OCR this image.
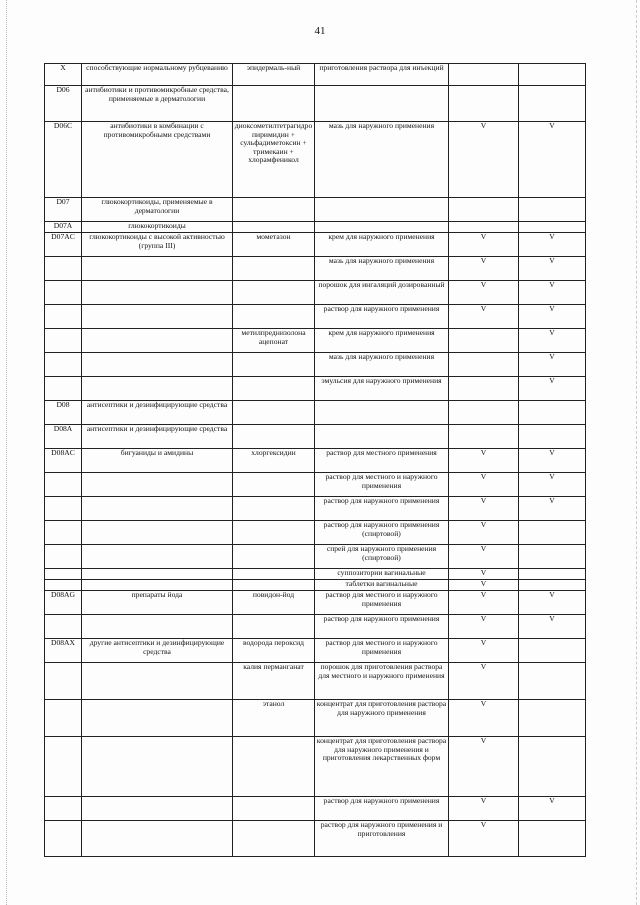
41
X	способствующие нормальному рубцеванию	эпидермаль-ный	приготовления раствора для инъекций		
D06	антибиотики и противомикробные средства, применяемые в дерматологии				
D06C	антибиотики в комбинации с противомикробными средствами	диоксометилтетрагидропиримидин + сульфадиметоксин + тримекаин + хлорамфеникол	мазь для наружного применения	V	V
D07	глюкокортикоиды, применяемые в дерматологии				
D07A	глюкокортикоиды				
D07AC	глюкокортикоиды с высокой активностью (группа III)	мометазон	крем для наружного применения	V	V
			мазь для наружного применения	V	V
			порошок для ингаляций дозированный	V	V
			раствор для наружного применения	V	V
		метилпреднизолона ацепонат	крем для наружного применения		V
			мазь для наружного применения		V
			эмульсия для наружного применения		V
D08	антисептики и дезинфицирующие средства				
D08A	антисептики и дезинфицирующие средства				
D08AC	бигуаниды и амидины	хлоргексидин	раствор для местного применения	V	V
			раствор для местного и наружного применения	V	V
			раствор для наружного применения	V	V
			раствор для наружного применения (спиртовой)	V	
			спрей для наружного применения (спиртовой)	V	
			суппозитории вагинальные	V	
			таблетки вагинальные	V	
D08AG	препараты йода	повидон-йод	раствор для местного и наружного применения	V	V
			раствор для наружного применения	V	V
D08AX	другие антисептики и дезинфицирующие средства	водорода пероксид	раствор для местного и наружного применения	V	
		калия перманганат	порошок для приготовления раствора для местного и наружного применения	V	
		этанол	концентрат для приготовления раствора для наружного применения	V	
			концентрат для приготовления раствора для наружного применения и приготовления лекарственных форм	V	
			раствор для наружного применения	V	V
			раствор для наружного применения и приготовления	V	
